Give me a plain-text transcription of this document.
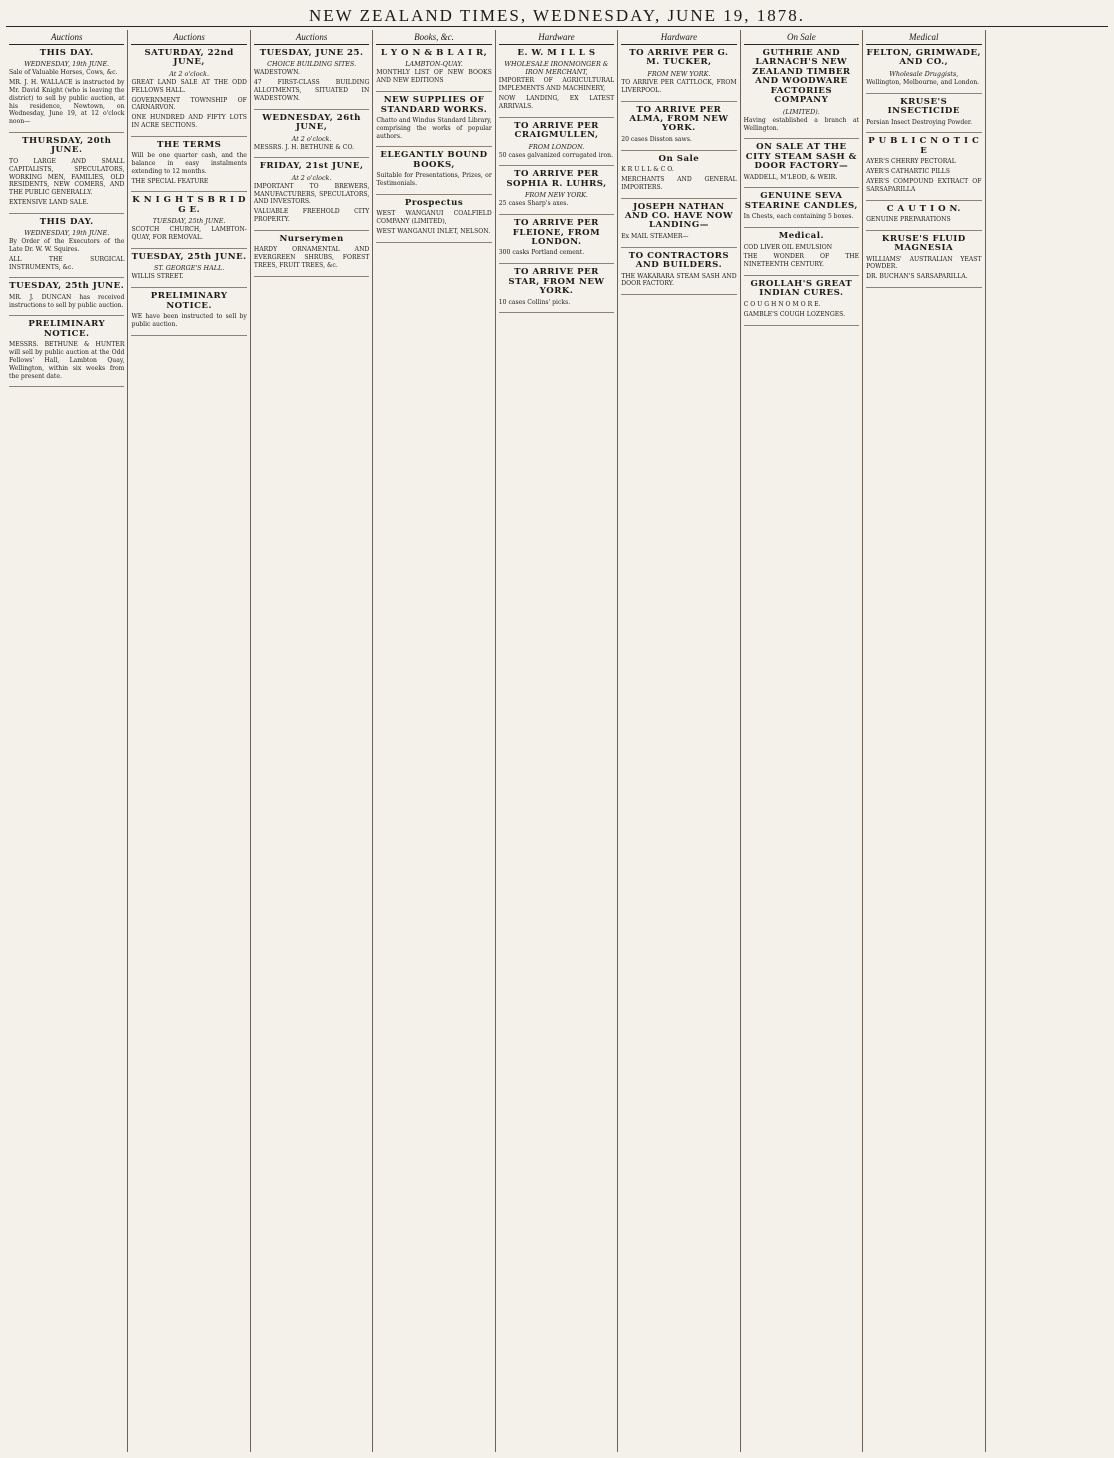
NEW ZEALAND TIMES, WEDNESDAY, JUNE 19, 1878.
Auctions
THIS DAY.
WEDNESDAY, 19th JUNE.

Sale of Valuable Horses, Cows, &c.

MR. J. H. WALLACE is instructed by Mr. David Knight (who is leaving the district) to sell by public auction, at his residence, Newtown, on Wednesday, June 19, at 12 o'clock noon—

THURSDAY, 20th JUNE.

TO LARGE AND SMALL CAPITALISTS, SPECULATORS, WORKING MEN, FAMILIES, OLD RESIDENTS, NEW COMERS, AND THE PUBLIC GENERALLY.

EXTENSIVE LAND SALE.

THIS DAY.
WEDNESDAY, 19th JUNE.

By Order of the Executors of the Late Dr. W. W. Squires.

ALL THE SURGICAL INSTRUMENTS, &c.

TUESDAY, 25th JUNE.

MR. J. DUNCAN has received instructions to sell by public auction.

PRELIMINARY NOTICE.

MESSRS. BETHUNE & HUNTER will sell by public auction at the Odd Fellows' Hall, Lambton Quay, Wellington, within six weeks from the present date.

Auctions
SATURDAY, 22nd JUNE,
At 2 o'clock.

GREAT LAND SALE AT THE ODD FELLOWS HALL.

GOVERNMENT TOWNSHIP OF CARNARVON.

ONE HUNDRED AND FIFTY LOTS IN ACRE SECTIONS.

THE TERMS

Will be one quarter cash, and the balance in easy instalments extending to 12 months.

THE SPECIAL FEATURE

K N I G H T S B R I D G E.
TUESDAY, 25th JUNE.

SCOTCH CHURCH, LAMBTON-QUAY, FOR REMOVAL.

TUESDAY, 25th JUNE.
ST. GEORGE'S HALL.

WILLIS STREET.

PRELIMINARY NOTICE.

WE have been instructed to sell by public auction.

Auctions
TUESDAY, JUNE 25.
CHOICE BUILDING SITES.

WADESTOWN.

47 FIRST-CLASS BUILDING ALLOTMENTS, SITUATED IN WADESTOWN.

WEDNESDAY, 26th JUNE,
At 2 o'clock.

MESSRS. J. H. BETHUNE & CO.

FRIDAY, 21st JUNE,
At 2 o'clock.

IMPORTANT TO BREWERS, MANUFACTURERS, SPECULATORS, AND INVESTORS.

VALUABLE FREEHOLD CITY PROPERTY.

Nurserymen

HARDY ORNAMENTAL AND EVERGREEN SHRUBS, FOREST TREES, FRUIT TREES, &c.

Books, &c.
L Y O N & B L A I R,
LAMBTON-QUAY.

MONTHLY LIST OF NEW BOOKS AND NEW EDITIONS

NEW SUPPLIES OF STANDARD WORKS.

Chatto and Windus Standard Library, comprising the works of popular authors.

ELEGANTLY BOUND BOOKS,

Suitable for Presentations, Prizes, or Testimonials.

Prospectus

WEST WANGANUI COALFIELD COMPANY (LIMITED),

WEST WANGANUI INLET, NELSON.

Hardware
E. W. M I L L S
WHOLESALE IRONMONGER & IRON MERCHANT,

IMPORTER OF AGRICULTURAL IMPLEMENTS AND MACHINERY,

NOW LANDING, EX LATEST ARRIVALS.

TO ARRIVE PER CRAIGMULLEN,
FROM LONDON.

50 cases galvanized corrugated iron.

TO ARRIVE PER SOPHIA R. LUHRS,
FROM NEW YORK.

25 cases Sharp's axes.

TO ARRIVE PER FLEIONE, FROM LONDON.

300 casks Portland cement.

TO ARRIVE PER STAR, FROM NEW YORK.

10 cases Collins' picks.

Hardware
TO ARRIVE PER G. M. TUCKER,
FROM NEW YORK.

TO ARRIVE PER CATTLOCK, FROM LIVERPOOL.

TO ARRIVE PER ALMA, FROM NEW YORK.

20 cases Disston saws.

On Sale

K R U L L & C O.

MERCHANTS AND GENERAL IMPORTERS.

JOSEPH NATHAN AND CO. HAVE NOW LANDING—

Ex MAIL STEAMER—

TO CONTRACTORS AND BUILDERS.

THE WAKARARA STEAM SASH AND DOOR FACTORY.

On Sale
GUTHRIE AND LARNACH'S NEW ZEALAND TIMBER AND WOODWARE FACTORIES COMPANY
(LIMITED).

Having established a branch at Wellington.

ON SALE AT THE CITY STEAM SASH & DOOR FACTORY—

WADDELL, M'LEOD, & WEIR.

GENUINE SEVA STEARINE CANDLES,

In Chests, each containing 5 boxes.

Medical.

COD LIVER OIL EMULSION

THE WONDER OF THE NINETEENTH CENTURY.

GROLLAH'S GREAT INDIAN CURES.

C O U G H N O M O R E.

GAMBLE'S COUGH LOZENGES.

Medical
FELTON, GRIMWADE, AND CO.,
Wholesale Druggists,

Wellington, Melbourne, and London.

KRUSE'S INSECTICIDE

Persian Insect Destroying Powder.

P U B L I C N O T I C E

AYER'S CHERRY PECTORAL

AYER'S CATHARTIC PILLS

AYER'S COMPOUND EXTRACT OF SARSAPARILLA

C A U T I O N.

GENUINE PREPARATIONS

KRUSE'S FLUID MAGNESIA

WILLIAMS' AUSTRALIAN YEAST POWDER.

DR. BUCHAN'S SARSAPARILLA.
